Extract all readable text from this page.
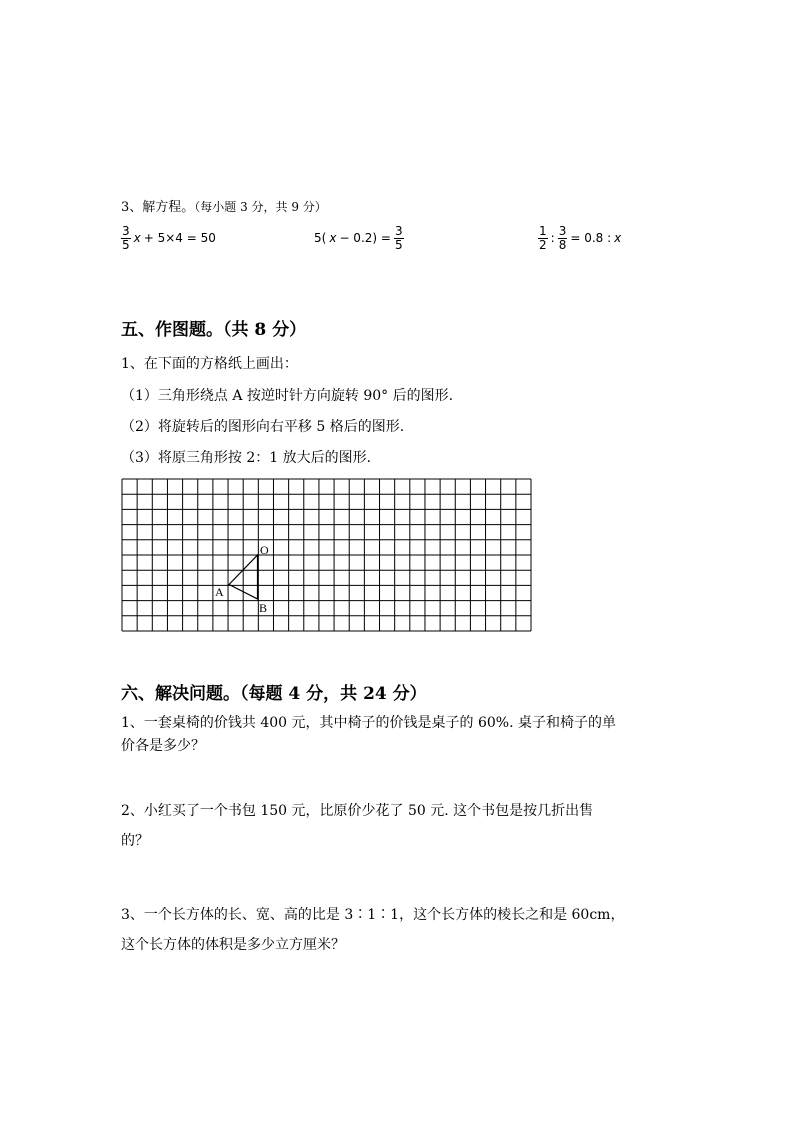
3、解方程。（每小题 3 分，共 9 分）
$\frac{3}{5}$ x + 5×4 = 50	5( $x - 0.2) = \frac{3}{5}$	$\frac{1}{2}$ : $\frac{3}{8} = 0.8$ : x
五、作图题。（共 8 分）
1、在下面的方格纸上画出：
（1）三角形绕点 A 按逆时针方向旋转 90° 后的图形.
（2）将旋转后的图形向右平移 5 格后的图形.
（3）将原三角形按 2：1 放大后的图形.
O
A
B
六、解决问题。（每题 4 分，共 24 分）
1、一套桌椅的价钱共 400 元，其中椅子的价钱是桌子的 60%. 桌子和椅子的单
价各是多少？
2、小红买了一个书包 150 元，比原价少花了 50 元. 这个书包是按几折出售
的？
3、一个长方体的长、宽、高的比是 3∶1∶1，这个长方体的棱长之和是 60cm，
这个长方体的体积是多少立方厘米？
